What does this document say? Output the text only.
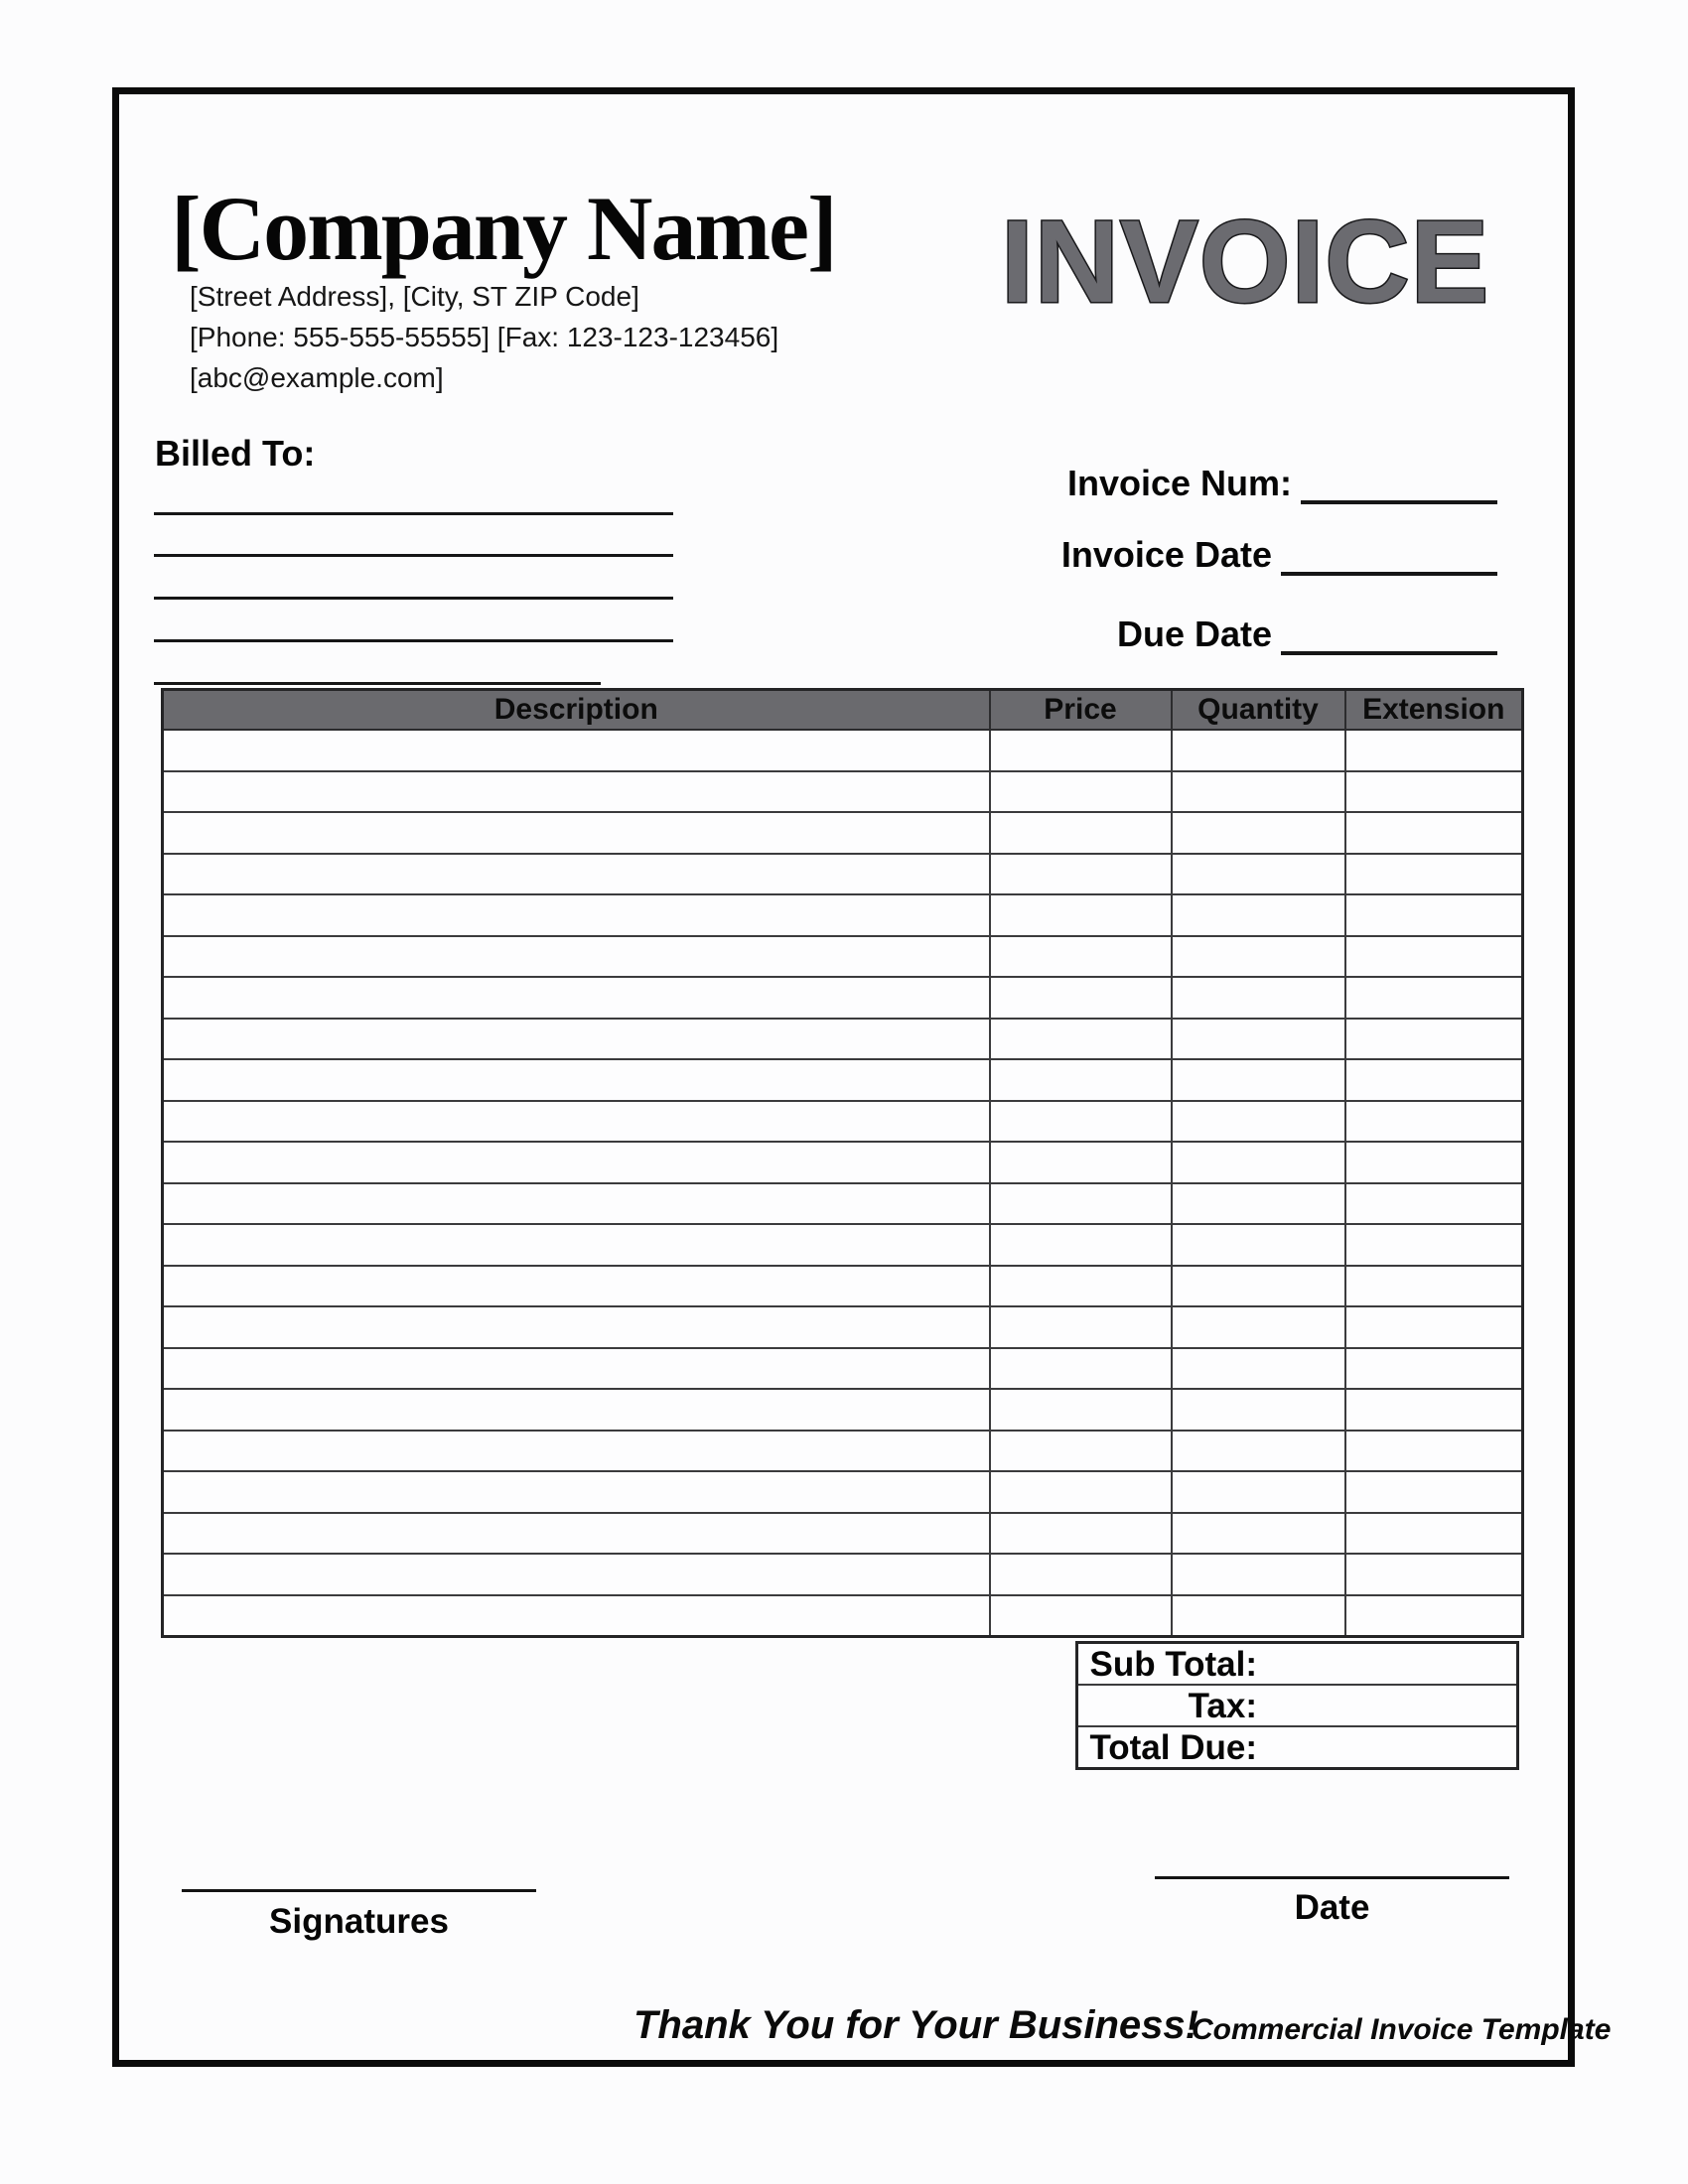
[Company Name]
[Street Address], [City, ST ZIP Code]
[Phone: 555-555-55555] [Fax: 123-123-123456]
[abc@example.com]
INVOICE
Billed To:
Invoice Num:
Invoice Date
Due Date
Description	Price	Quantity	Extension

Sub Total:
Tax:
Total Due:
Signatures	Date
Thank You for Your Business!
Commercial Invoice Template
